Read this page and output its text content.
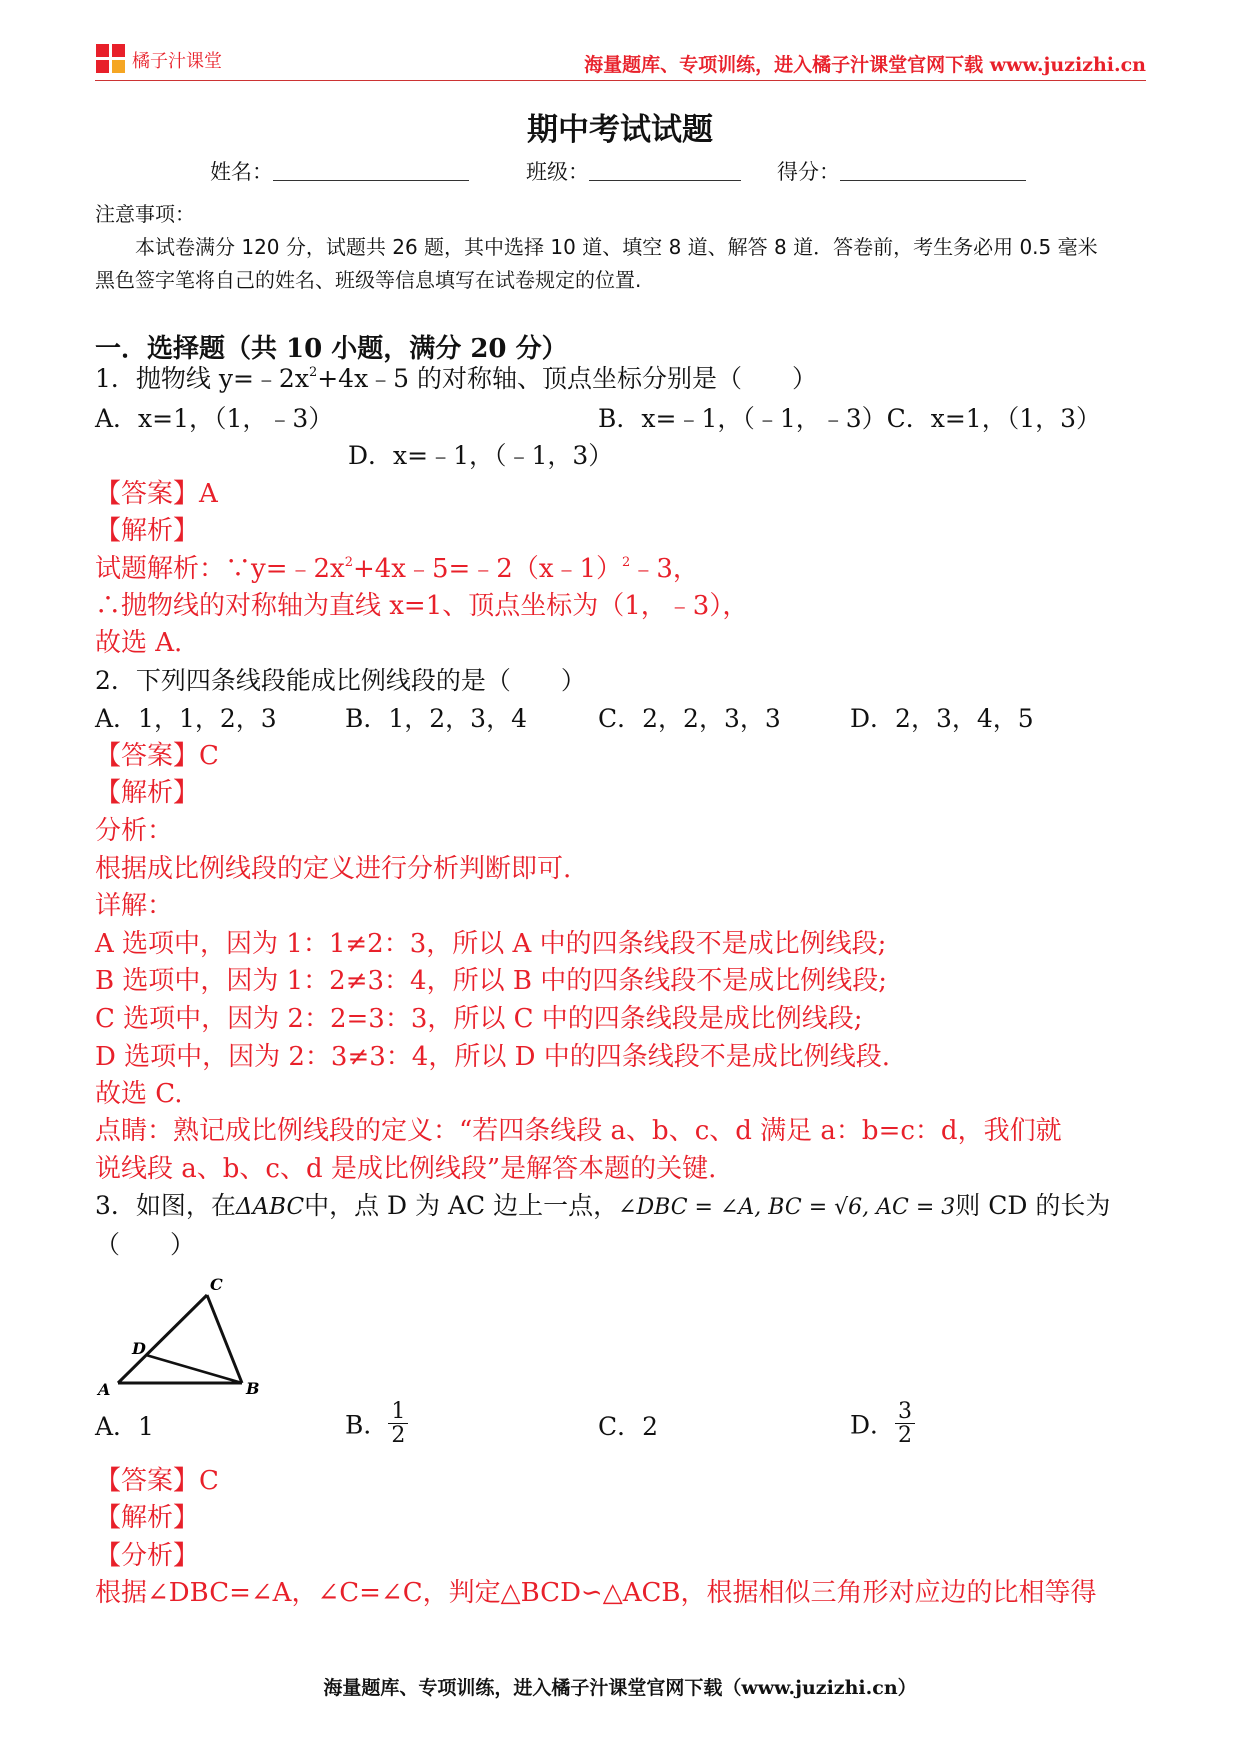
橘子汁课堂	海量题库、专项训练，进入橘子汁课堂官网下载 www.juzizhi.cn
期中考试试题
姓名：	班级：	得分：
注意事项：
本试卷满分 120 分，试题共 26 题，其中选择 10 道、填空 8 道、解答 8 道．答卷前，考生务必用 0.5 毫米
黑色签字笔将自己的姓名、班级等信息填写在试卷规定的位置.
一．选择题（共 10 小题，满分 20 分）
1．抛物线 $y=﹣2x^2+4x﹣5$ 的对称轴、顶点坐标分别是（　　）
A．x=1，（1，﹣3）	B．x=﹣1，（﹣1，﹣3）C．x=1，（1，3）
D．x=﹣1，（﹣1，3）
【答案】A
【解析】
试题解析：$\because y=﹣2x^2+4x﹣5=﹣2(x﹣1)^2﹣3$，
∴抛物线的对称轴为直线 x=1、顶点坐标为（1，﹣3），
故选 A.
2．下列四条线段能成比例线段的是（　　）
A．1，1，2，3	B．1，2，3，4	C．2，2，3，3	D．2，3，4，5
【答案】C
【解析】
分析：
根据成比例线段的定义进行分析判断即可.
详解：
A 选项中，因为 1：1≠2：3，所以 A 中的四条线段不是成比例线段;
B 选项中，因为 1：2≠3：4，所以 B 中的四条线段不是成比例线段;
C 选项中，因为 2：2=3：3，所以 C 中的四条线段是成比例线段;
D 选项中，因为 2：3≠3：4，所以 D 中的四条线段不是成比例线段.
故选 C.
点睛：熟记成比例线段的定义：“若四条线段 a、b、c、d 满足 a：b=c：d，我们就
说线段 a、b、c、d 是成比例线段”是解答本题的关键.
3．如图，在ΔABC中，点 D 为 AC 边上一点，∠DBC = ∠A, BC = √6, AC = 3则 CD 的长为
（　　）
C
D
A	B
A．1	B． $\frac{1}{2}$	C．2	D． $\frac{3}{2}$
【答案】C
【解析】
【分析】
根据∠DBC=∠A，∠C=∠C，判定△BCD∽△ACB，根据相似三角形对应边的比相等得
海量题库、专项训练，进入橘子汁课堂官网下载（www.juzizhi.cn）
